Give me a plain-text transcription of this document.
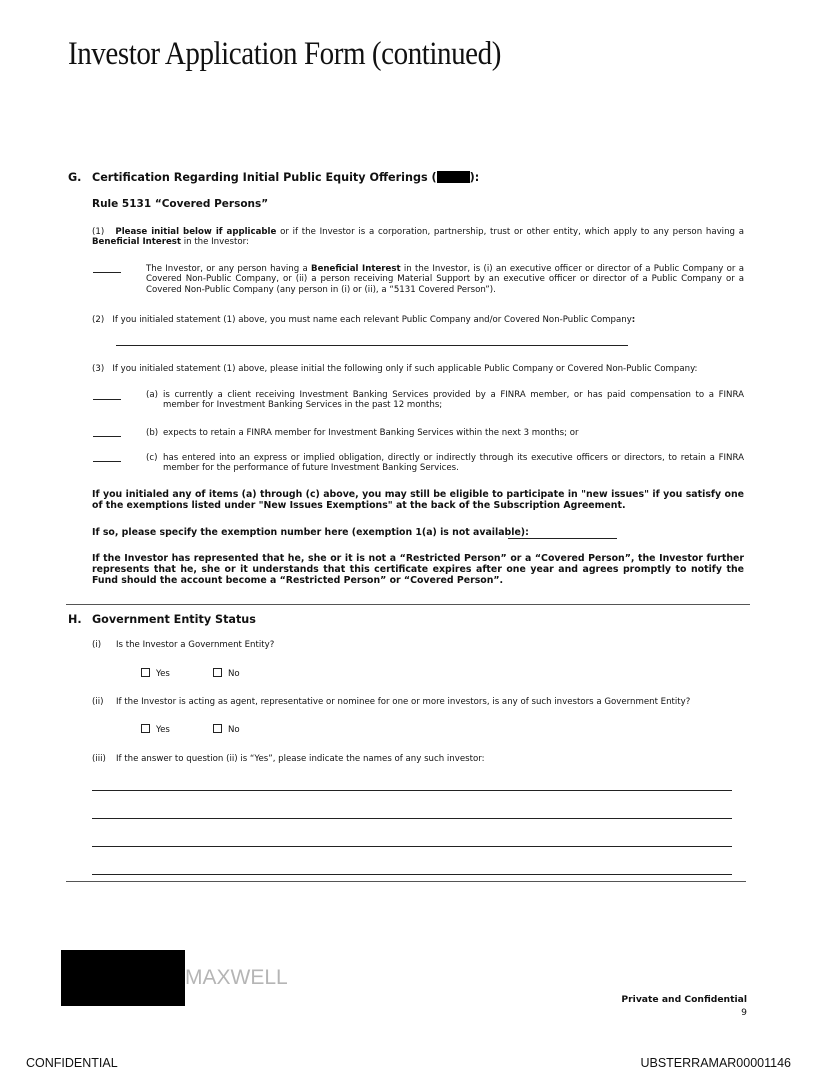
Investor Application Form (continued)
G. Certification Regarding Initial Public Equity Offerings (	):
Rule 5131 “Covered Persons”
(1) Please initial below if applicable or if the Investor is a corporation, partnership, trust or other entity, which apply to any person having a Beneficial Interest in the Investor:
The Investor, or any person having a Beneficial Interest in the Investor, is (i) an executive officer or director of a Public Company or a Covered Non-Public Company, or (ii) a person receiving Material Support by an executive officer or director of a Public Company or a Covered Non-Public Company (any person in (i) or (ii), a “5131 Covered Person”).
(2) If you initialed statement (1) above, you must name each relevant Public Company and/or Covered Non-Public Company:
(3) If you initialed statement (1) above, please initial the following only if such applicable Public Company or Covered Non-Public Company:
(a) is currently a client receiving Investment Banking Services provided by a FINRA member, or has paid compensation to a FINRA member for Investment Banking Services in the past 12 months;
(b) expects to retain a FINRA member for Investment Banking Services within the next 3 months; or
(c) has entered into an express or implied obligation, directly or indirectly through its executive officers or directors, to retain a FINRA member for the performance of future Investment Banking Services.
If you initialed any of items (a) through (c) above, you may still be eligible to participate in "new issues" if you satisfy one of the exemptions listed under "New Issues Exemptions" at the back of the Subscription Agreement.
If so, please specify the exemption number here (exemption 1(a) is not available):
If the Investor has represented that he, she or it is not a “Restricted Person” or a “Covered Person”, the Investor further represents that he, she or it understands that this certificate expires after one year and agrees promptly to notify the Fund should the account become a “Restricted Person” or “Covered Person”.
H. Government Entity Status
(i) Is the Investor a Government Entity?
Yes	No
(ii) If the Investor is acting as agent, representative or nominee for one or more investors, is any of such investors a Government Entity?
Yes	No
(iii) If the answer to question (ii) is “Yes”, please indicate the names of any such investor:
MAXWELL
Private and Confidential
9
CONFIDENTIAL	UBSTERRAMAR00001146
